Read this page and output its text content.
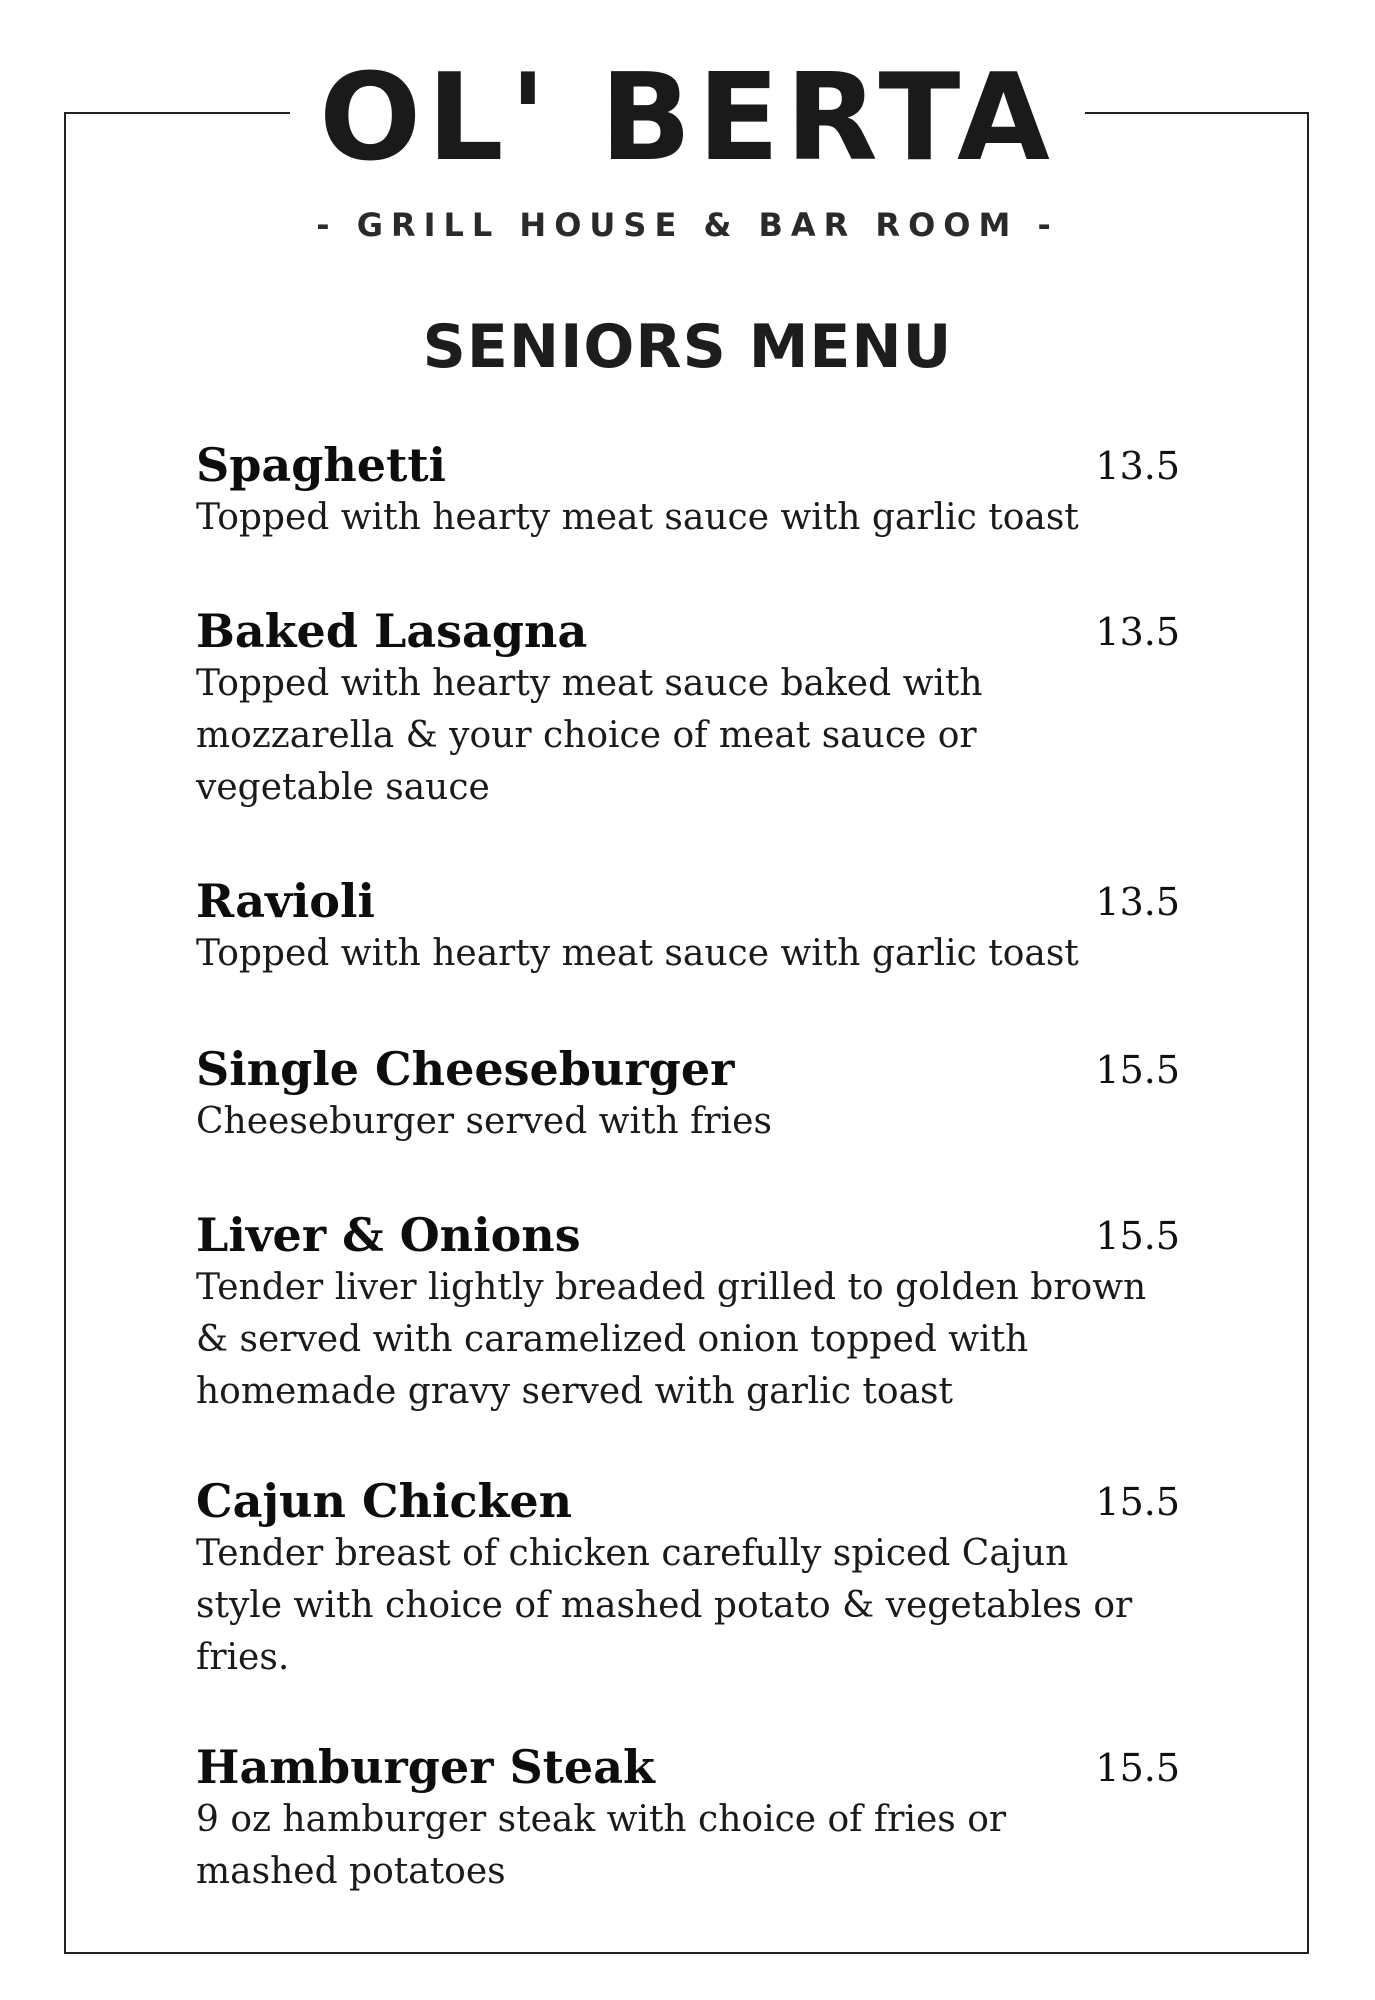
OL' BERTA
- GRILL HOUSE & BAR ROOM -
SENIORS MENU
Spaghetti	13.5
Topped with hearty meat sauce with garlic toast
Baked Lasagna	13.5
Topped with hearty meat sauce baked with mozzarella & your choice of meat sauce or vegetable sauce
Ravioli	13.5
Topped with hearty meat sauce with garlic toast
Single Cheeseburger	15.5
Cheeseburger served with fries
Liver & Onions	15.5
Tender liver lightly breaded grilled to golden brown & served with caramelized onion topped with homemade gravy served with garlic toast
Cajun Chicken	15.5
Tender breast of chicken carefully spiced Cajun style with choice of mashed potato & vegetables or fries.
Hamburger Steak	15.5
9 oz hamburger steak with choice of fries or mashed potatoes
